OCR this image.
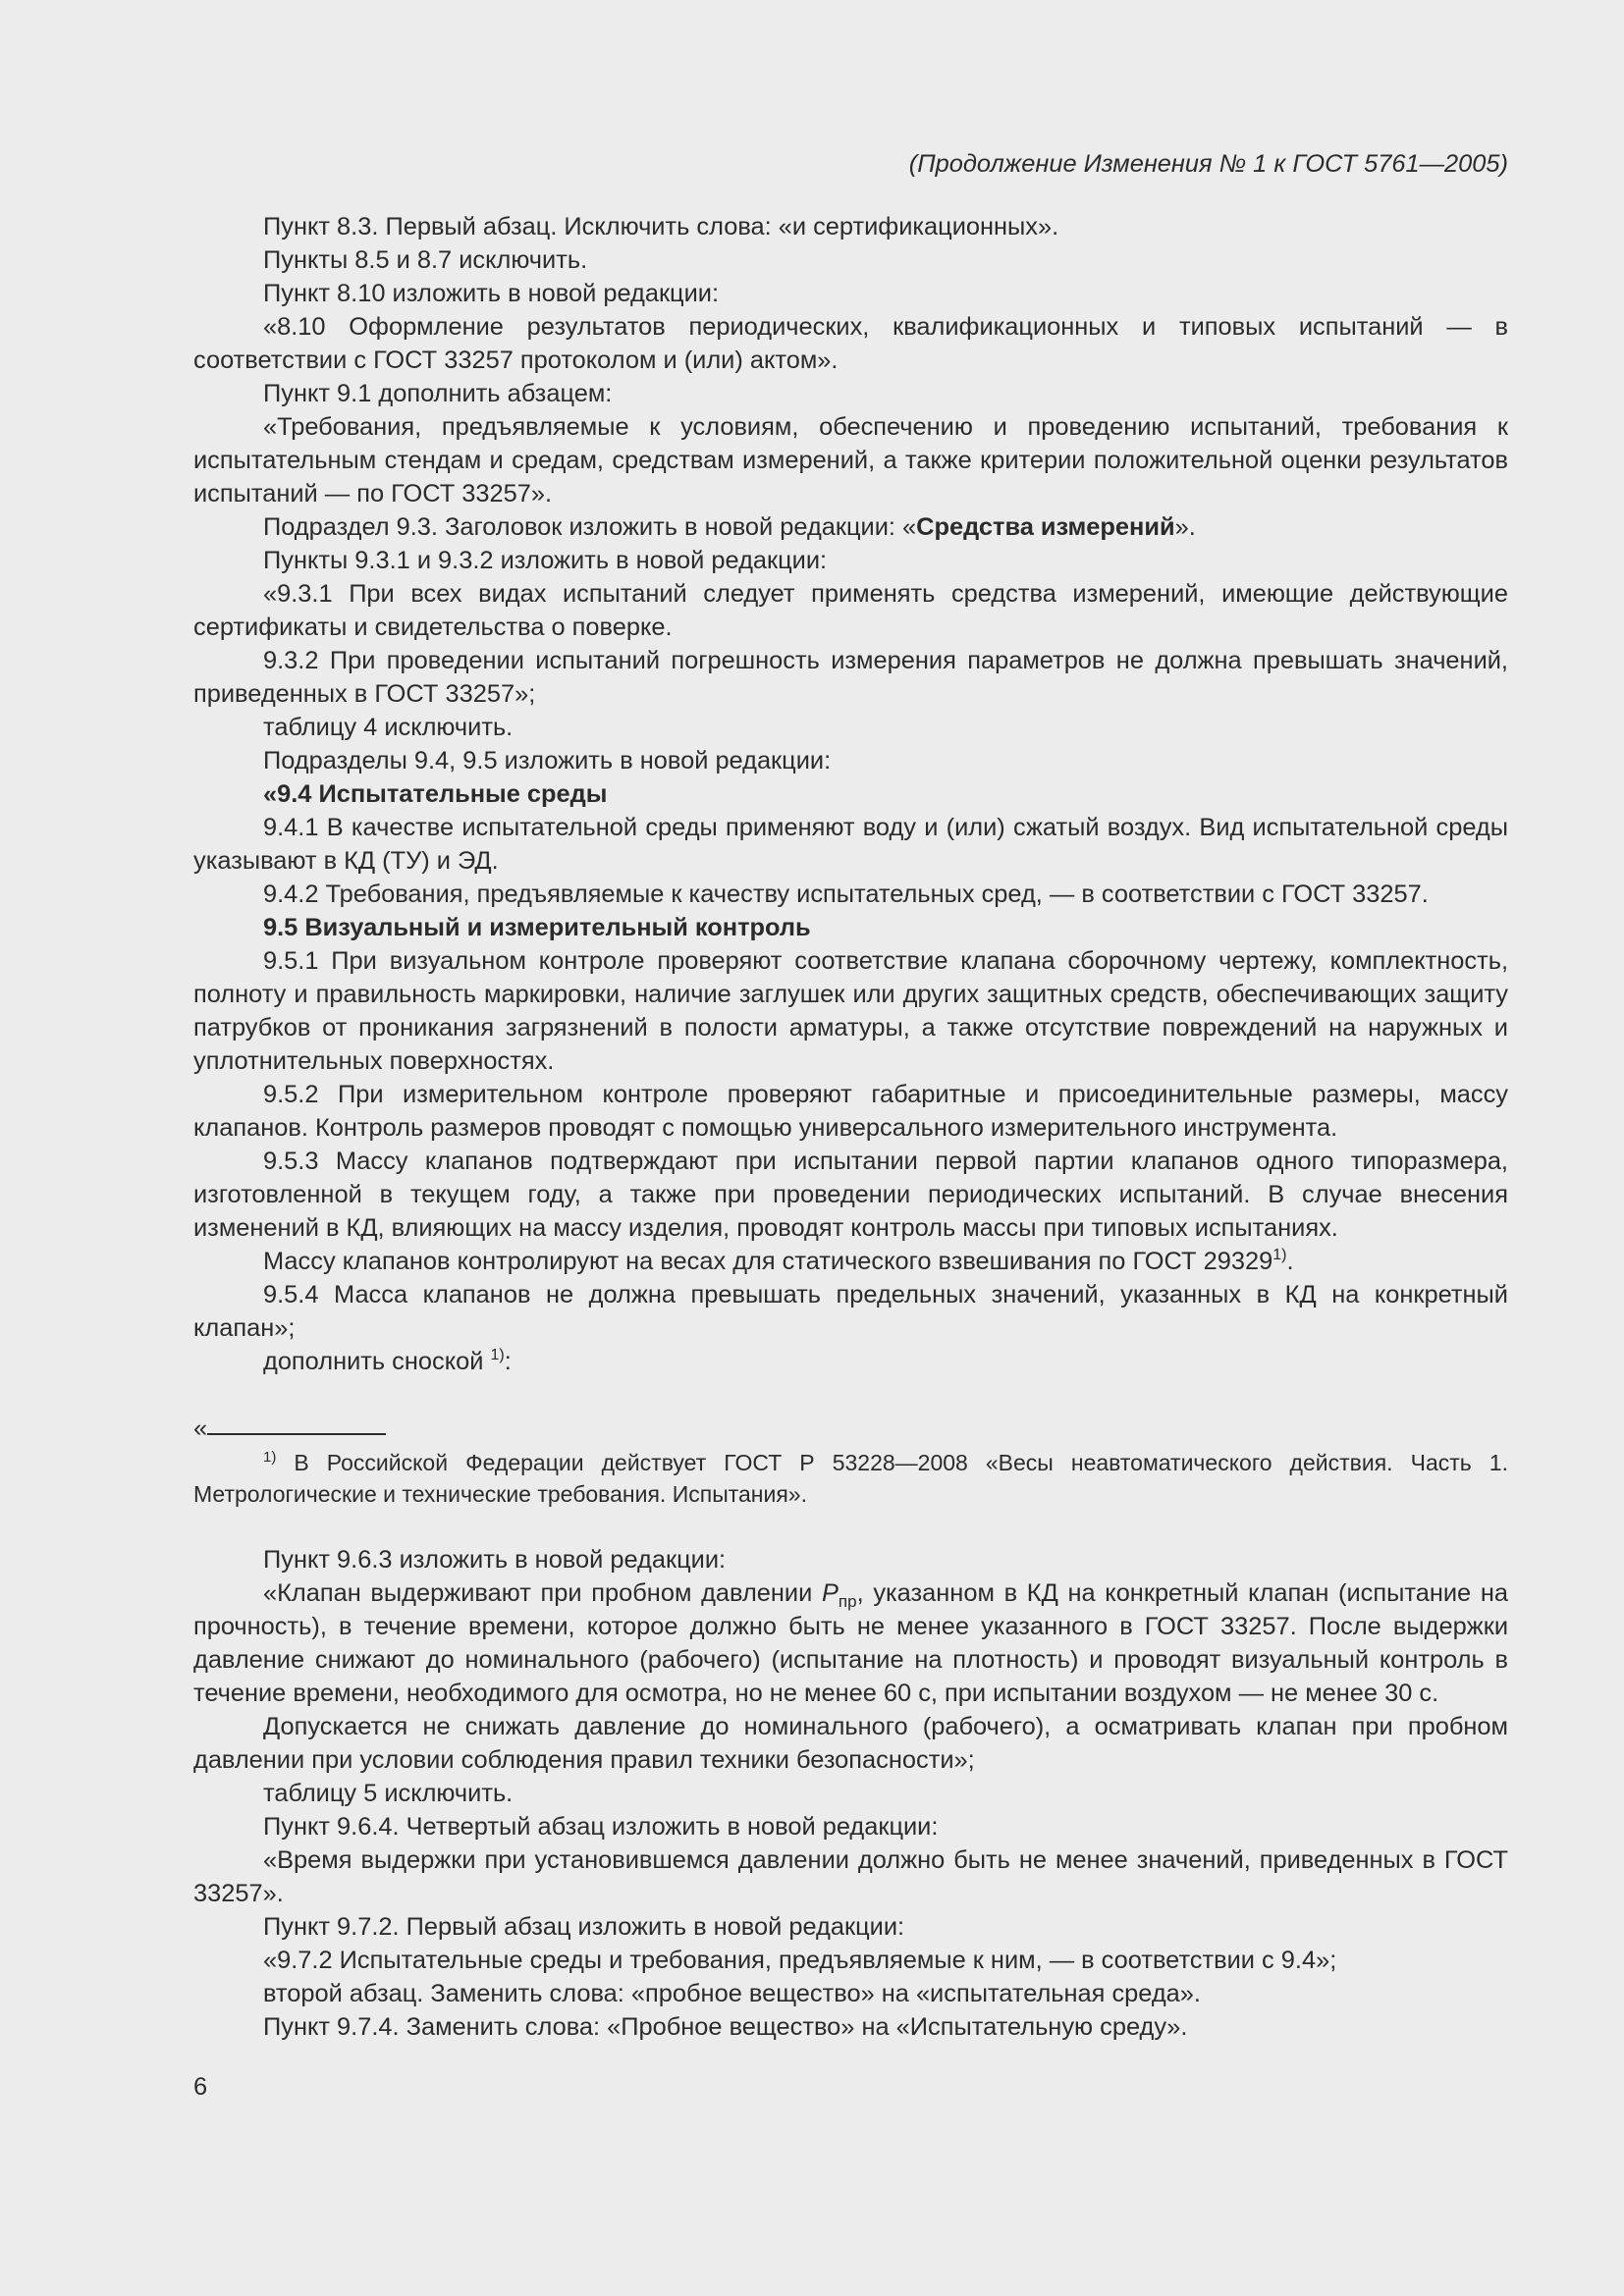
(Продолжение Изменения № 1 к ГОСТ 5761—2005)

Пункт 8.3. Первый абзац. Исключить слова: «и сертификационных».

Пункты 8.5 и 8.7 исключить.

Пункт 8.10 изложить в новой редакции:

«8.10 Оформление результатов периодических, квалификационных и типовых испытаний — в соответствии с ГОСТ 33257 протоколом и (или) актом».

Пункт 9.1 дополнить абзацем:

«Требования, предъявляемые к условиям, обеспечению и проведению испытаний, требования к испытательным стендам и средам, средствам измерений, а также критерии положительной оценки результатов испытаний — по ГОСТ 33257».

Подраздел 9.3. Заголовок изложить в новой редакции: «Средства измерений».

Пункты 9.3.1 и 9.3.2 изложить в новой редакции:

«9.3.1 При всех видах испытаний следует применять средства измерений, имеющие действующие сертификаты и свидетельства о поверке.

9.3.2 При проведении испытаний погрешность измерения параметров не должна превышать значений, приведенных в ГОСТ 33257»;

таблицу 4 исключить.

Подразделы 9.4, 9.5 изложить в новой редакции:

«9.4 Испытательные среды

9.4.1 В качестве испытательной среды применяют воду и (или) сжатый воздух. Вид испытательной среды указывают в КД (ТУ) и ЭД.

9.4.2 Требования, предъявляемые к качеству испытательных сред, — в соответствии с ГОСТ 33257.

9.5 Визуальный и измерительный контроль

9.5.1 При визуальном контроле проверяют соответствие клапана сборочному чертежу, комплектность, полноту и правильность маркировки, наличие заглушек или других защитных средств, обеспечивающих защиту патрубков от проникания загрязнений в полости арматуры, а также отсутствие повреждений на наружных и уплотнительных поверхностях.

9.5.2 При измерительном контроле проверяют габаритные и присоединительные размеры, массу клапанов. Контроль размеров проводят с помощью универсального измерительного инструмента.

9.5.3 Массу клапанов подтверждают при испытании первой партии клапанов одного типоразмера, изготовленной в текущем году, а также при проведении периодических испытаний. В случае внесения изменений в КД, влияющих на массу изделия, проводят контроль массы при типовых испытаниях.

Массу клапанов контролируют на весах для статического взвешивания по ГОСТ 29329$^{1)}$.

9.5.4 Масса клапанов не должна превышать предельных значений, указанных в КД на конкретный клапан»;

дополнить сноской $^{1)}$:

«

$^{1)}$ В Российской Федерации действует ГОСТ Р 53228—2008 «Весы неавтоматического действия. Часть 1. Метрологические и технические требования. Испытания».

Пункт 9.6.3 изложить в новой редакции:

«Клапан выдерживают при пробном давлении $P_{пр}$, указанном в КД на конкретный клапан (испытание на прочность), в течение времени, которое должно быть не менее указанного в ГОСТ 33257. После выдержки давление снижают до номинального (рабочего) (испытание на плотность) и проводят визуальный контроль в течение времени, необходимого для осмотра, но не менее 60 с, при испытании воздухом — не менее 30 с.

Допускается не снижать давление до номинального (рабочего), а осматривать клапан при пробном давлении при условии соблюдения правил техники безопасности»;

таблицу 5 исключить.

Пункт 9.6.4. Четвертый абзац изложить в новой редакции:

«Время выдержки при установившемся давлении должно быть не менее значений, приведенных в ГОСТ 33257».

Пункт 9.7.2. Первый абзац изложить в новой редакции:

«9.7.2 Испытательные среды и требования, предъявляемые к ним, — в соответствии с 9.4»;

второй абзац. Заменить слова: «пробное вещество» на «испытательная среда».

Пункт 9.7.4. Заменить слова: «Пробное вещество» на «Испытательную среду».

6
